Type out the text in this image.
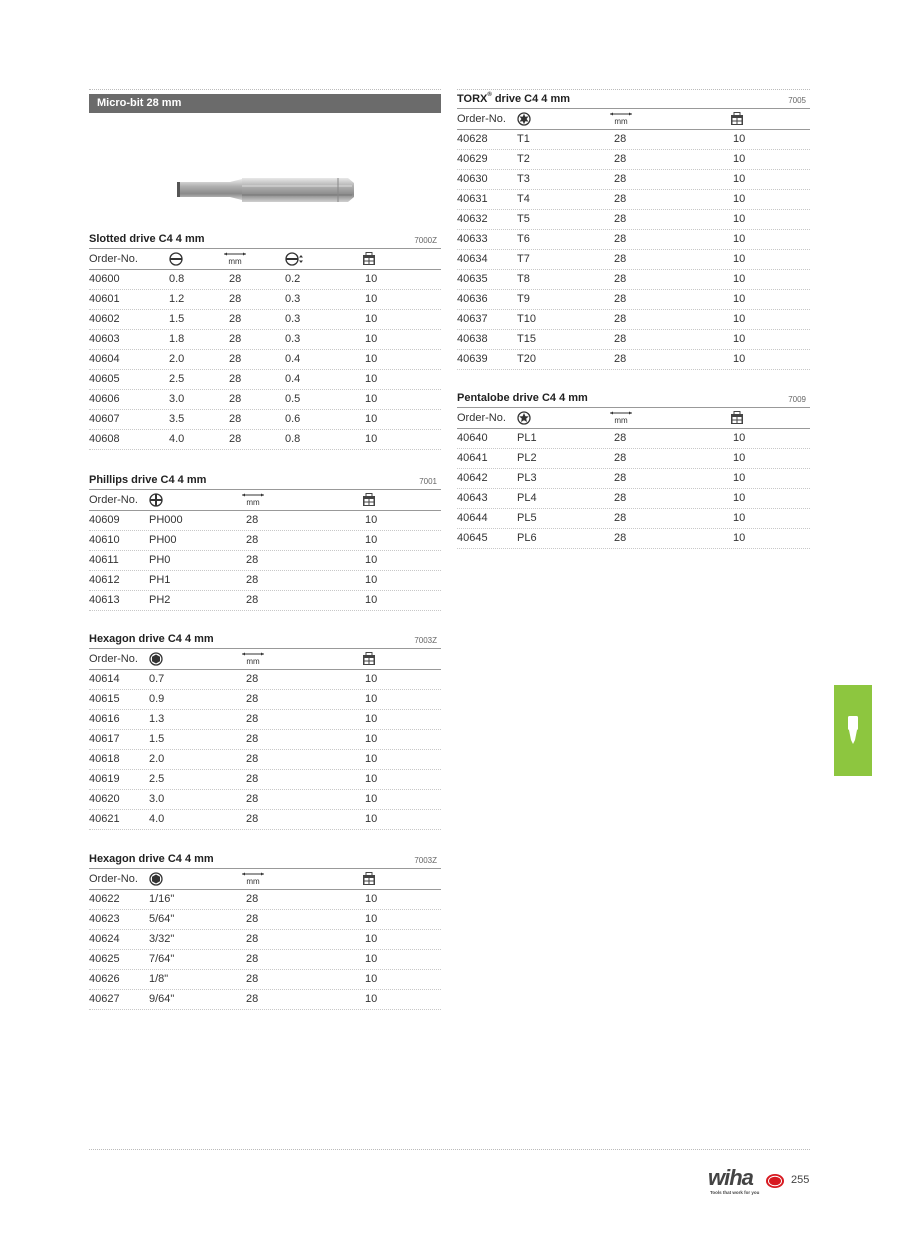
Micro-bit 28 mm
Slotted drive C4 4 mm	7000Z
Order-No.	mm
40600	0.8	28	0.2	10
40601	1.2	28	0.3	10
40602	1.5	28	0.3	10
40603	1.8	28	0.3	10
40604	2.0	28	0.4	10
40605	2.5	28	0.4	10
40606	3.0	28	0.5	10
40607	3.5	28	0.6	10
40608	4.0	28	0.8	10
Phillips drive C4 4 mm	7001
Order-No.	mm
40609	PH000	28	10
40610	PH00	28	10
40611	PH0	28	10
40612	PH1	28	10
40613	PH2	28	10
Hexagon drive C4 4 mm	7003Z
Order-No.	mm
40614	0.7	28	10
40615	0.9	28	10
40616	1.3	28	10
40617	1.5	28	10
40618	2.0	28	10
40619	2.5	28	10
40620	3.0	28	10
40621	4.0	28	10
Hexagon drive C4 4 mm	7003Z
Order-No.	mm
40622	1/16"	28	10
40623	5/64"	28	10
40624	3/32"	28	10
40625	7/64"	28	10
40626	1/8"	28	10
40627	9/64"	28	10
TORX® drive C4 4 mm	7005
Order-No.	mm
40628	T1	28	10
40629	T2	28	10
40630	T3	28	10
40631	T4	28	10
40632	T5	28	10
40633	T6	28	10
40634	T7	28	10
40635	T8	28	10
40636	T9	28	10
40637	T10	28	10
40638	T15	28	10
40639	T20	28	10
Pentalobe drive C4 4 mm	7009
Order-No.	mm
40640	PL1	28	10
40641	PL2	28	10
40642	PL3	28	10
40643	PL4	28	10
40644	PL5	28	10
40645	PL6	28	10
wiha
Tools that work for you
255
